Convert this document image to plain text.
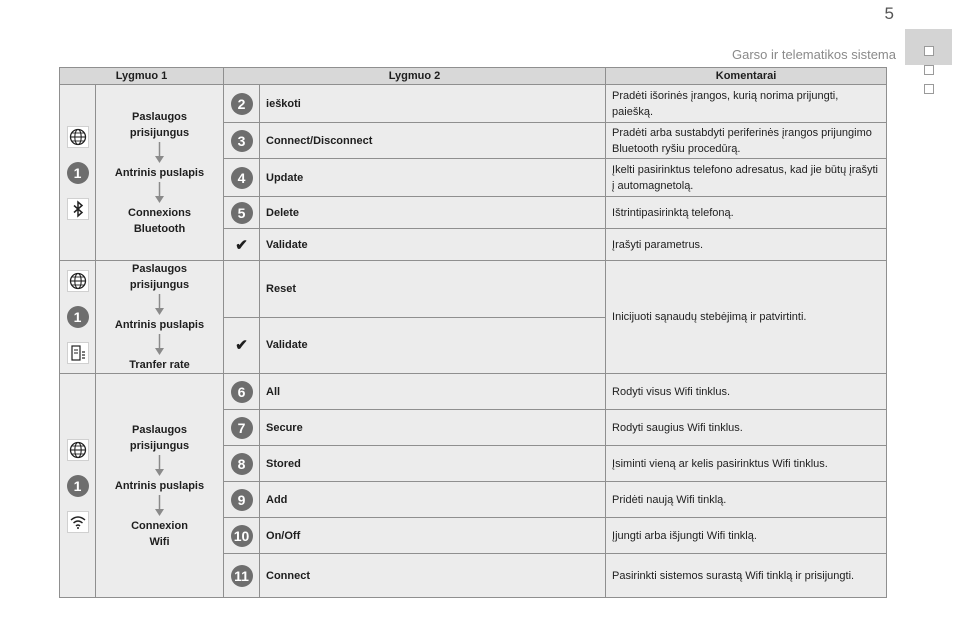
5
Garso ir telematikos sistema
Lygmuo 1		Lygmuo 2		Komentarai

1	Paslaugos prisijungus
Antrinis puslapis
Connexions Bluetooth	2	ieškoti	Pradėti išorinės įrangos, kurią norima prijungti, paiešką.
		3	Connect/Disconnect	Pradėti arba sustabdyti periferinės įrangos prijungimo Bluetooth ryšiu procedūrą.
		4	Update	Įkelti pasirinktus telefono adresatus, kad jie būtų įrašyti į automagnetolą.
		5	Delete	Ištrintipasirinktą telefoną.
		✔	Validate	Įrašyti parametrus.

1	Paslaugos prisijungus
Antrinis puslapis
Tranfer rate		Reset	Inicijuoti sąnaudų stebėjimą ir patvirtinti.
		✔	Validate	

1	Paslaugos prisijungus
Antrinis puslapis
Connexion Wifi	6	All	Rodyti visus Wifi tinklus.
		7	Secure	Rodyti saugius Wifi tinklus.
		8	Stored	Įsiminti vieną ar kelis pasirinktus Wifi tinklus.
		9	Add	Pridėti naują Wifi tinklą.
		10	On/Off	Įjungti arba išjungti Wifi tinklą.
		11	Connect	Pasirinkti sistemos surastą Wifi tinklą ir prisijungti.
